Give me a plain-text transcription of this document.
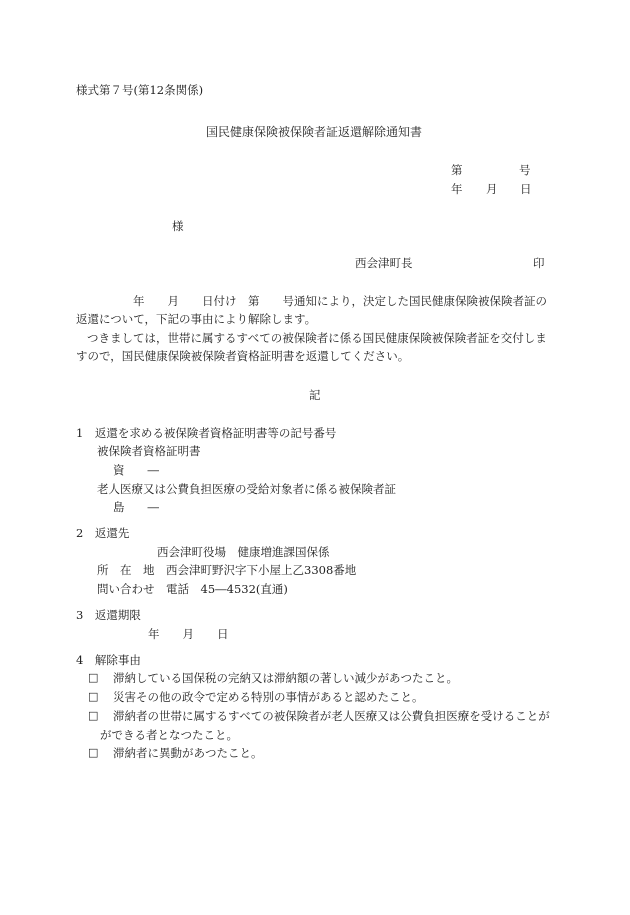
様式第７号(第12条関係)
国民健康保険被保険者証返還解除通知書
第	号
年 月 日
様
西会津町長	印
年　　月　　日付け　第　　号通知により，決定した国民健康保険被保険者証の
返還について，下記の事由により解除します。
つきましては，世帯に属するすべての被保険者に係る国民健康保険被保険者証を交付しま
すので，国民健康保険被保険者資格証明書を返還してください。
記
1　返還を求める被保険者資格証明書等の記号番号
被保険者資格証明書
資　　―
老人医療又は公費負担医療の受給対象者に係る被保険者証
島　　―
2　返還先
西会津町役場　健康増進課国保係
所　在　地　西会津町野沢字下小屋上乙3308番地
問い合わせ　電話　45―4532(直通)
3　返還期限
年　　月　　日
4　解除事由
□ 滞納している国保税の完納又は滞納額の著しい減少があつたこと。
□ 災害その他の政令で定める特別の事情があると認めたこと。
□ 滞納者の世帯に属するすべての被保険者が老人医療又は公費負担医療を受けることが
ができる者となつたこと。
□ 滞納者に異動があつたこと。
